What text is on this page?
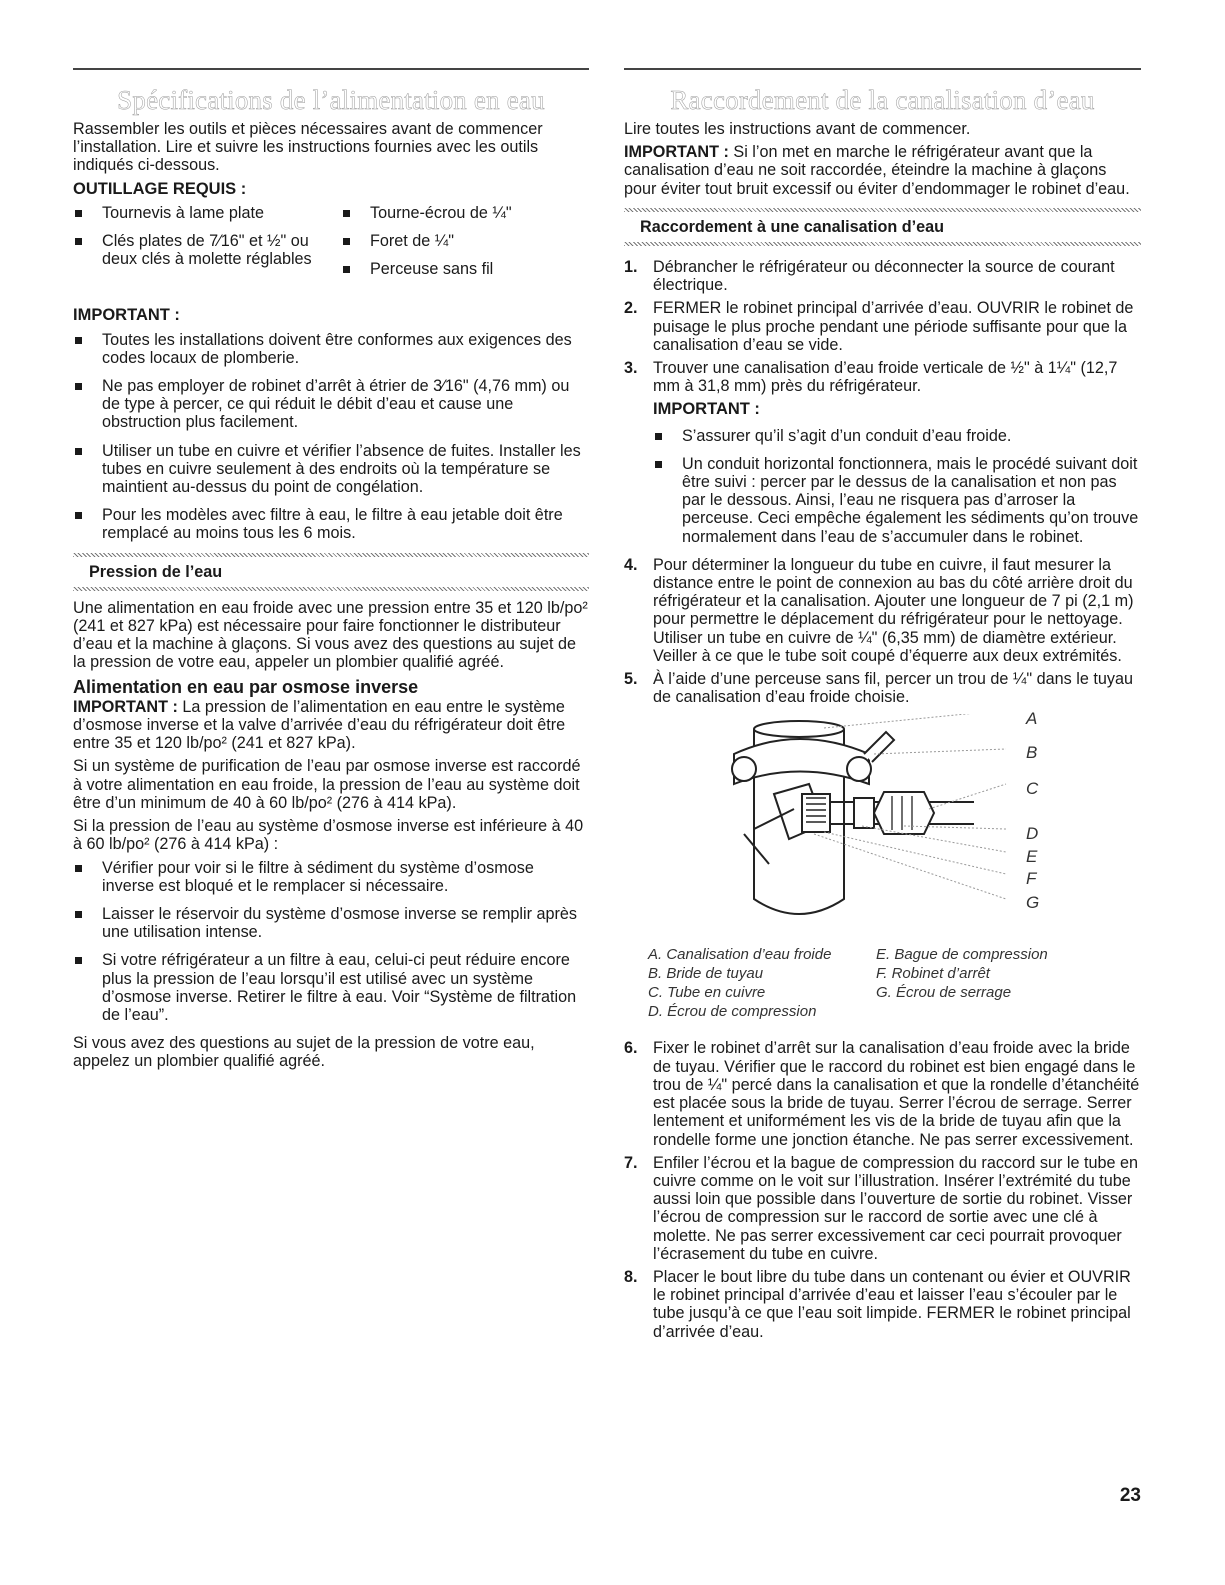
Spécifications de l’alimentation en eau

Rassembler les outils et pièces nécessaires avant de commencer l’installation. Lire et suivre les instructions fournies avec les outils indiqués ci-dessous.

OUTILLAGE REQUIS :
Tournevis à lame plate
Clés plates de 7⁄16" et ½" ou deux clés à molette réglables
Tourne-écrou de ¼"
Foret de ¼"
Perceuse sans fil
IMPORTANT :
Toutes les installations doivent être conformes aux exigences des codes locaux de plomberie.
Ne pas employer de robinet d’arrêt à étrier de 3⁄16" (4,76 mm) ou de type à percer, ce qui réduit le débit d’eau et cause une obstruction plus facilement.
Utiliser un tube en cuivre et vérifier l’absence de fuites. Installer les tubes en cuivre seulement à des endroits où la température se maintient au-dessus du point de congélation.
Pour les modèles avec filtre à eau, le filtre à eau jetable doit être remplacé au moins tous les 6 mois.
Pression de l’eau

Une alimentation en eau froide avec une pression entre 35 et 120 lb/po² (241 et 827 kPa) est nécessaire pour faire fonctionner le distributeur d’eau et la machine à glaçons. Si vous avez des questions au sujet de la pression de votre eau, appeler un plombier qualifié agréé.

Alimentation en eau par osmose inverse

IMPORTANT : La pression de l’alimentation en eau entre le système d’osmose inverse et la valve d’arrivée d’eau du réfrigérateur doit être entre 35 et 120 lb/po² (241 et 827 kPa).

Si un système de purification de l’eau par osmose inverse est raccordé à votre alimentation en eau froide, la pression de l’eau au système doit être d’un minimum de 40 à 60 lb/po² (276 à 414 kPa).

Si la pression de l’eau au système d’osmose inverse est inférieure à 40 à 60 lb/po² (276 à 414 kPa) :

Vérifier pour voir si le filtre à sédiment du système d’osmose inverse est bloqué et le remplacer si nécessaire.
Laisser le réservoir du système d’osmose inverse se remplir après une utilisation intense.
Si votre réfrigérateur a un filtre à eau, celui-ci peut réduire encore plus la pression de l’eau lorsqu’il est utilisé avec un système d’osmose inverse. Retirer le filtre à eau. Voir “Système de filtration de l’eau”.

Si vous avez des questions au sujet de la pression de votre eau, appelez un plombier qualifié agréé.

Raccordement de la canalisation d’eau

Lire toutes les instructions avant de commencer.

IMPORTANT : Si l’on met en marche le réfrigérateur avant que la canalisation d’eau ne soit raccordée, éteindre la machine à glaçons pour éviter tout bruit excessif ou éviter d’endommager le robinet d’eau.

Raccordement à une canalisation d’eau
1. Débrancher le réfrigérateur ou déconnecter la source de courant électrique.
2. FERMER le robinet principal d’arrivée d’eau. OUVRIR le robinet de puisage le plus proche pendant une période suffisante pour que la canalisation d’eau se vide.
3. Trouver une canalisation d’eau froide verticale de ½" à 1¼" (12,7 mm à 31,8 mm) près du réfrigérateur.
IMPORTANT :
S’assurer qu’il s’agit d’un conduit d’eau froide.
Un conduit horizontal fonctionnera, mais le procédé suivant doit être suivi : percer par le dessus de la canalisation et non pas par le dessous. Ainsi, l’eau ne risquera pas d’arroser la perceuse. Ceci empêche également les sédiments qu’on trouve normalement dans l’eau de s’accumuler dans le robinet.
4. Pour déterminer la longueur du tube en cuivre, il faut mesurer la distance entre le point de connexion au bas du côté arrière droit du réfrigérateur et la canalisation. Ajouter une longueur de 7 pi (2,1 m) pour permettre le déplacement du réfrigérateur pour le nettoyage. Utiliser un tube en cuivre de ¼" (6,35 mm) de diamètre extérieur. Veiller à ce que le tube soit coupé d’équerre aux deux extrémités.
5. À l’aide d’une perceuse sans fil, percer un trou de ¼" dans le tuyau de canalisation d’eau froide choisie.
A
B
C
D
E
F
G
A. Canalisation d’eau froide
B. Bride de tuyau
C. Tube en cuivre
D. Écrou de compression
E. Bague de compression
F. Robinet d’arrêt
G. Écrou de serrage
6. Fixer le robinet d’arrêt sur la canalisation d’eau froide avec la bride de tuyau. Vérifier que le raccord du robinet est bien engagé dans le trou de ¼" percé dans la canalisation et que la rondelle d’étanchéité est placée sous la bride de tuyau. Serrer l’écrou de serrage. Serrer lentement et uniformément les vis de la bride de tuyau afin que la rondelle forme une jonction étanche. Ne pas serrer excessivement.
7. Enfiler l’écrou et la bague de compression du raccord sur le tube en cuivre comme on le voit sur l’illustration. Insérer l’extrémité du tube aussi loin que possible dans l’ouverture de sortie du robinet. Visser l’écrou de compression sur le raccord de sortie avec une clé à molette. Ne pas serrer excessivement car ceci pourrait provoquer l’écrasement du tube en cuivre.
8. Placer le bout libre du tube dans un contenant ou évier et OUVRIR le robinet principal d’arrivée d’eau et laisser l’eau s’écouler par le tube jusqu’à ce que l’eau soit limpide. FERMER le robinet principal d’arrivée d’eau.
23
